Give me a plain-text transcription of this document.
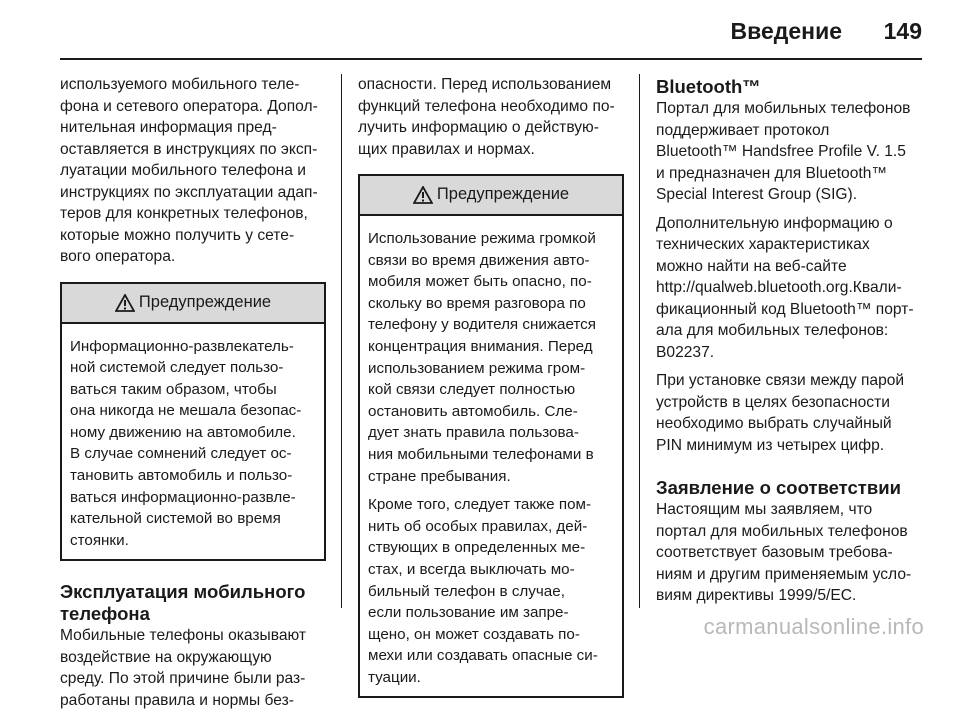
Введение 149

используемого мобильного теле-
фона и сетевого оператора. Допол-
нительная информация пред-
оставляется в инструкциях по эксп-
луатации мобильного телефона и
инструкциях по эксплуатации адап-
теров для конкретных телефонов,
которые можно получить у сете-
вого оператора.

Предупреждение
Информационно-развлекатель-
ной системой следует пользо-
ваться таким образом, чтобы
она никогда не мешала безопас-
ному движению на автомобиле.
В случае сомнений следует ос-
тановить автомобиль и пользо-
ваться информационно-развле-
кательной системой во время
стоянки.
Эксплуатация мобильного
телефона

Мобильные телефоны оказывают
воздействие на окружающую
среду. По этой причине были раз-
работаны правила и нормы без-

опасности. Перед использованием
функций телефона необходимо по-
лучить информацию о действую-
щих правилах и нормах.

Предупреждение

Использование режима громкой
связи во время движения авто-
мобиля может быть опасно, по-
скольку во время разговора по
телефону у водителя снижается
концентрация внимания. Перед
использованием режима гром-
кой связи следует полностью
остановить автомобиль. Сле-
дует знать правила пользова-
ния мобильными телефонами в
стране пребывания.

Кроме того, следует также пом-
нить об особых правилах, дей-
ствующих в определенных ме-
стах, и всегда выключать мо-
бильный телефон в случае,
если пользование им запре-
щено, он может создавать по-
мехи или создавать опасные си-
туации.

Bluetooth™

Портал для мобильных телефонов
поддерживает протокол
Bluetooth™ Handsfree Profile V. 1.5
и предназначен для Bluetooth™
Special Interest Group (SIG).

Дополнительную информацию о
технических характеристиках
можно найти на веб-сайте
http://qualweb.bluetooth.org.Квали-
фикационный код Bluetooth™ порт-
ала для мобильных телефонов:
B02237.

При установке связи между парой
устройств в целях безопасности
необходимо выбрать случайный
PIN минимум из четырех цифр.

Заявление о соответствии

Настоящим мы заявляем, что
портал для мобильных телефонов
соответствует базовым требова-
ниям и другим применяемым усло-
виям директивы 1999/5/EC.

carmanualsonline.info
